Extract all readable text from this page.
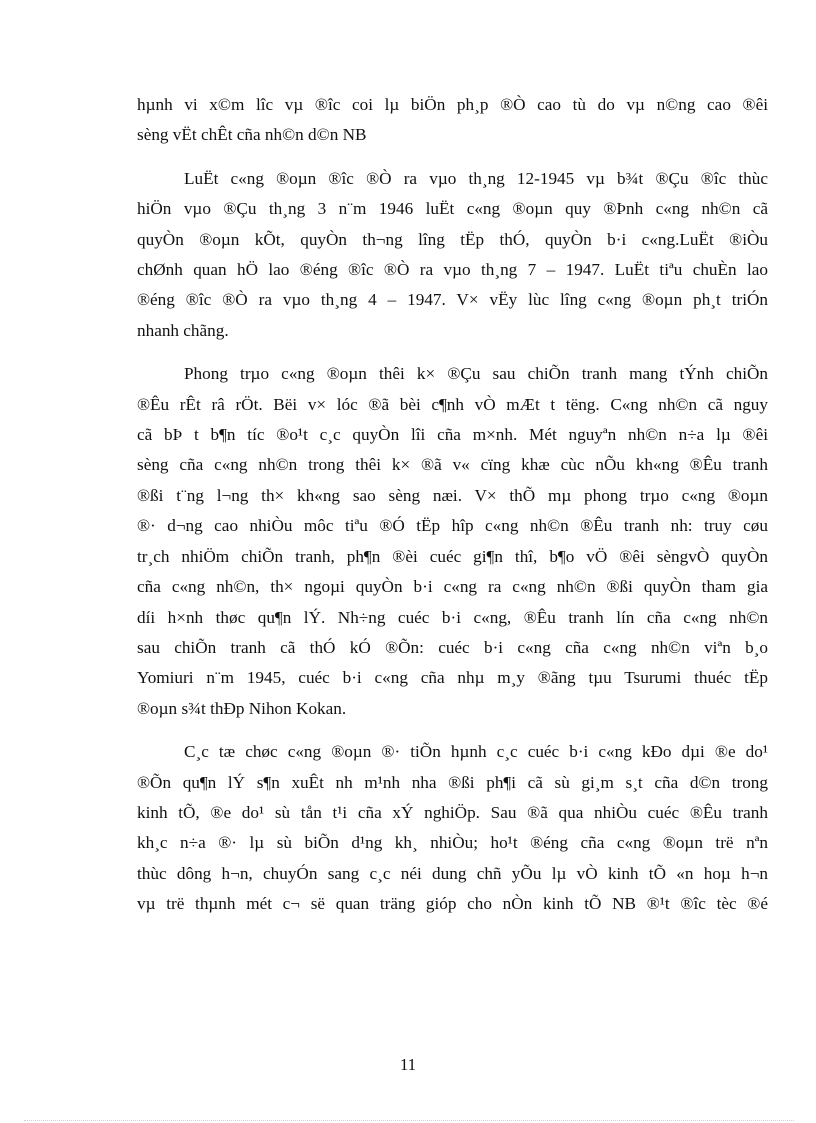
hµnh vi x©m lîc vµ ®îc coi lµ biÖn ph¸p ®Ò cao tù do vµ n©ng cao ®êi
sèng vËt chÊt cña nh©n d©n NB

LuËt c«ng ®oµn ®îc ®Ò ra vµo th¸ng 12-1945 vµ b¾t ®Çu ®îc thùc
hiÖn vµo ®Çu th¸ng 3 n¨m 1946 luËt c«ng ®oµn quy ®Þnh c«ng nh©n cã
quyÒn ®oµn kÕt, quyÒn th¬ng lîng tËp thÓ, quyÒn b·i c«ng.LuËt ®iÒu
chØnh quan hÖ lao ®éng ®îc ®Ò ra vµo th¸ng 7 – 1947. LuËt tiªu chuÈn lao
®éng ®îc ®Ò ra vµo th¸ng 4 – 1947. V× vËy lùc lîng c«ng ®oµn ph¸t triÓn
nhanh chãng.

Phong trµo c«ng ®oµn thêi k× ®Çu sau chiÕn tranh mang tÝnh chiÕn
®Êu rÊt râ rÖt. Bëi v× lóc ®ã bèi c¶nh vÒ mÆt t tëng. C«ng nh©n cã nguy
cã bÞ t b¶n tíc ®o¹t c¸c quyÒn lîi cña m×nh. Mét nguyªn nh©n n÷a lµ ®êi
sèng cña c«ng nh©n trong thêi k× ®ã v« cïng khæ cùc nÕu kh«ng ®Êu tranh
®ßi t¨ng l¬ng th× kh«ng sao sèng næi. V× thÕ mµ phong trµo c«ng ®oµn
®· d¬ng cao nhiÒu môc tiªu ®Ó tËp hîp c«ng nh©n ®Êu tranh nh: truy cøu
tr¸ch nhiÖm chiÕn tranh, ph¶n ®èi cuéc gi¶n thî, b¶o vÖ ®êi sèngvÒ quyÒn
cña c«ng nh©n, th× ngoµi quyÒn b·i c«ng ra c«ng nh©n ®ßi quyÒn tham gia
díi h×nh thøc qu¶n lÝ. Nh÷ng cuéc b·i c«ng, ®Êu tranh lín cña c«ng nh©n
sau chiÕn tranh cã thÓ kÓ ®Õn: cuéc b·i c«ng cña c«ng nh©n viªn b¸o
Yomiuri n¨m 1945, cuéc b·i c«ng cña nhµ m¸y ®ãng tµu Tsurumi thuéc tËp
®oµn s¾t thÐp Nihon Kokan.

C¸c tæ chøc c«ng ®oµn ®· tiÕn hµnh c¸c cuéc b·i c«ng kÐo dµi ®e do¹
®Õn qu¶n lÝ s¶n xuÊt nh m¹nh nha ®ßi ph¶i cã sù gi¸m s¸t cña d©n trong
kinh tÕ, ®e do¹ sù tån t¹i cña xÝ nghiÖp. Sau ®ã qua nhiÒu cuéc ®Êu tranh
kh¸c n÷a ®· lµ sù biÕn d¹ng kh¸ nhiÒu; ho¹t ®éng cña c«ng ®oµn trë nªn
thùc dông h¬n, chuyÓn sang c¸c néi dung chñ yÕu lµ vÒ kinh tÕ «n hoµ h¬n
vµ trë thµnh mét c¬ së quan träng gióp cho nÒn kinh tÕ NB ®¹t ®îc tèc ®é

11
